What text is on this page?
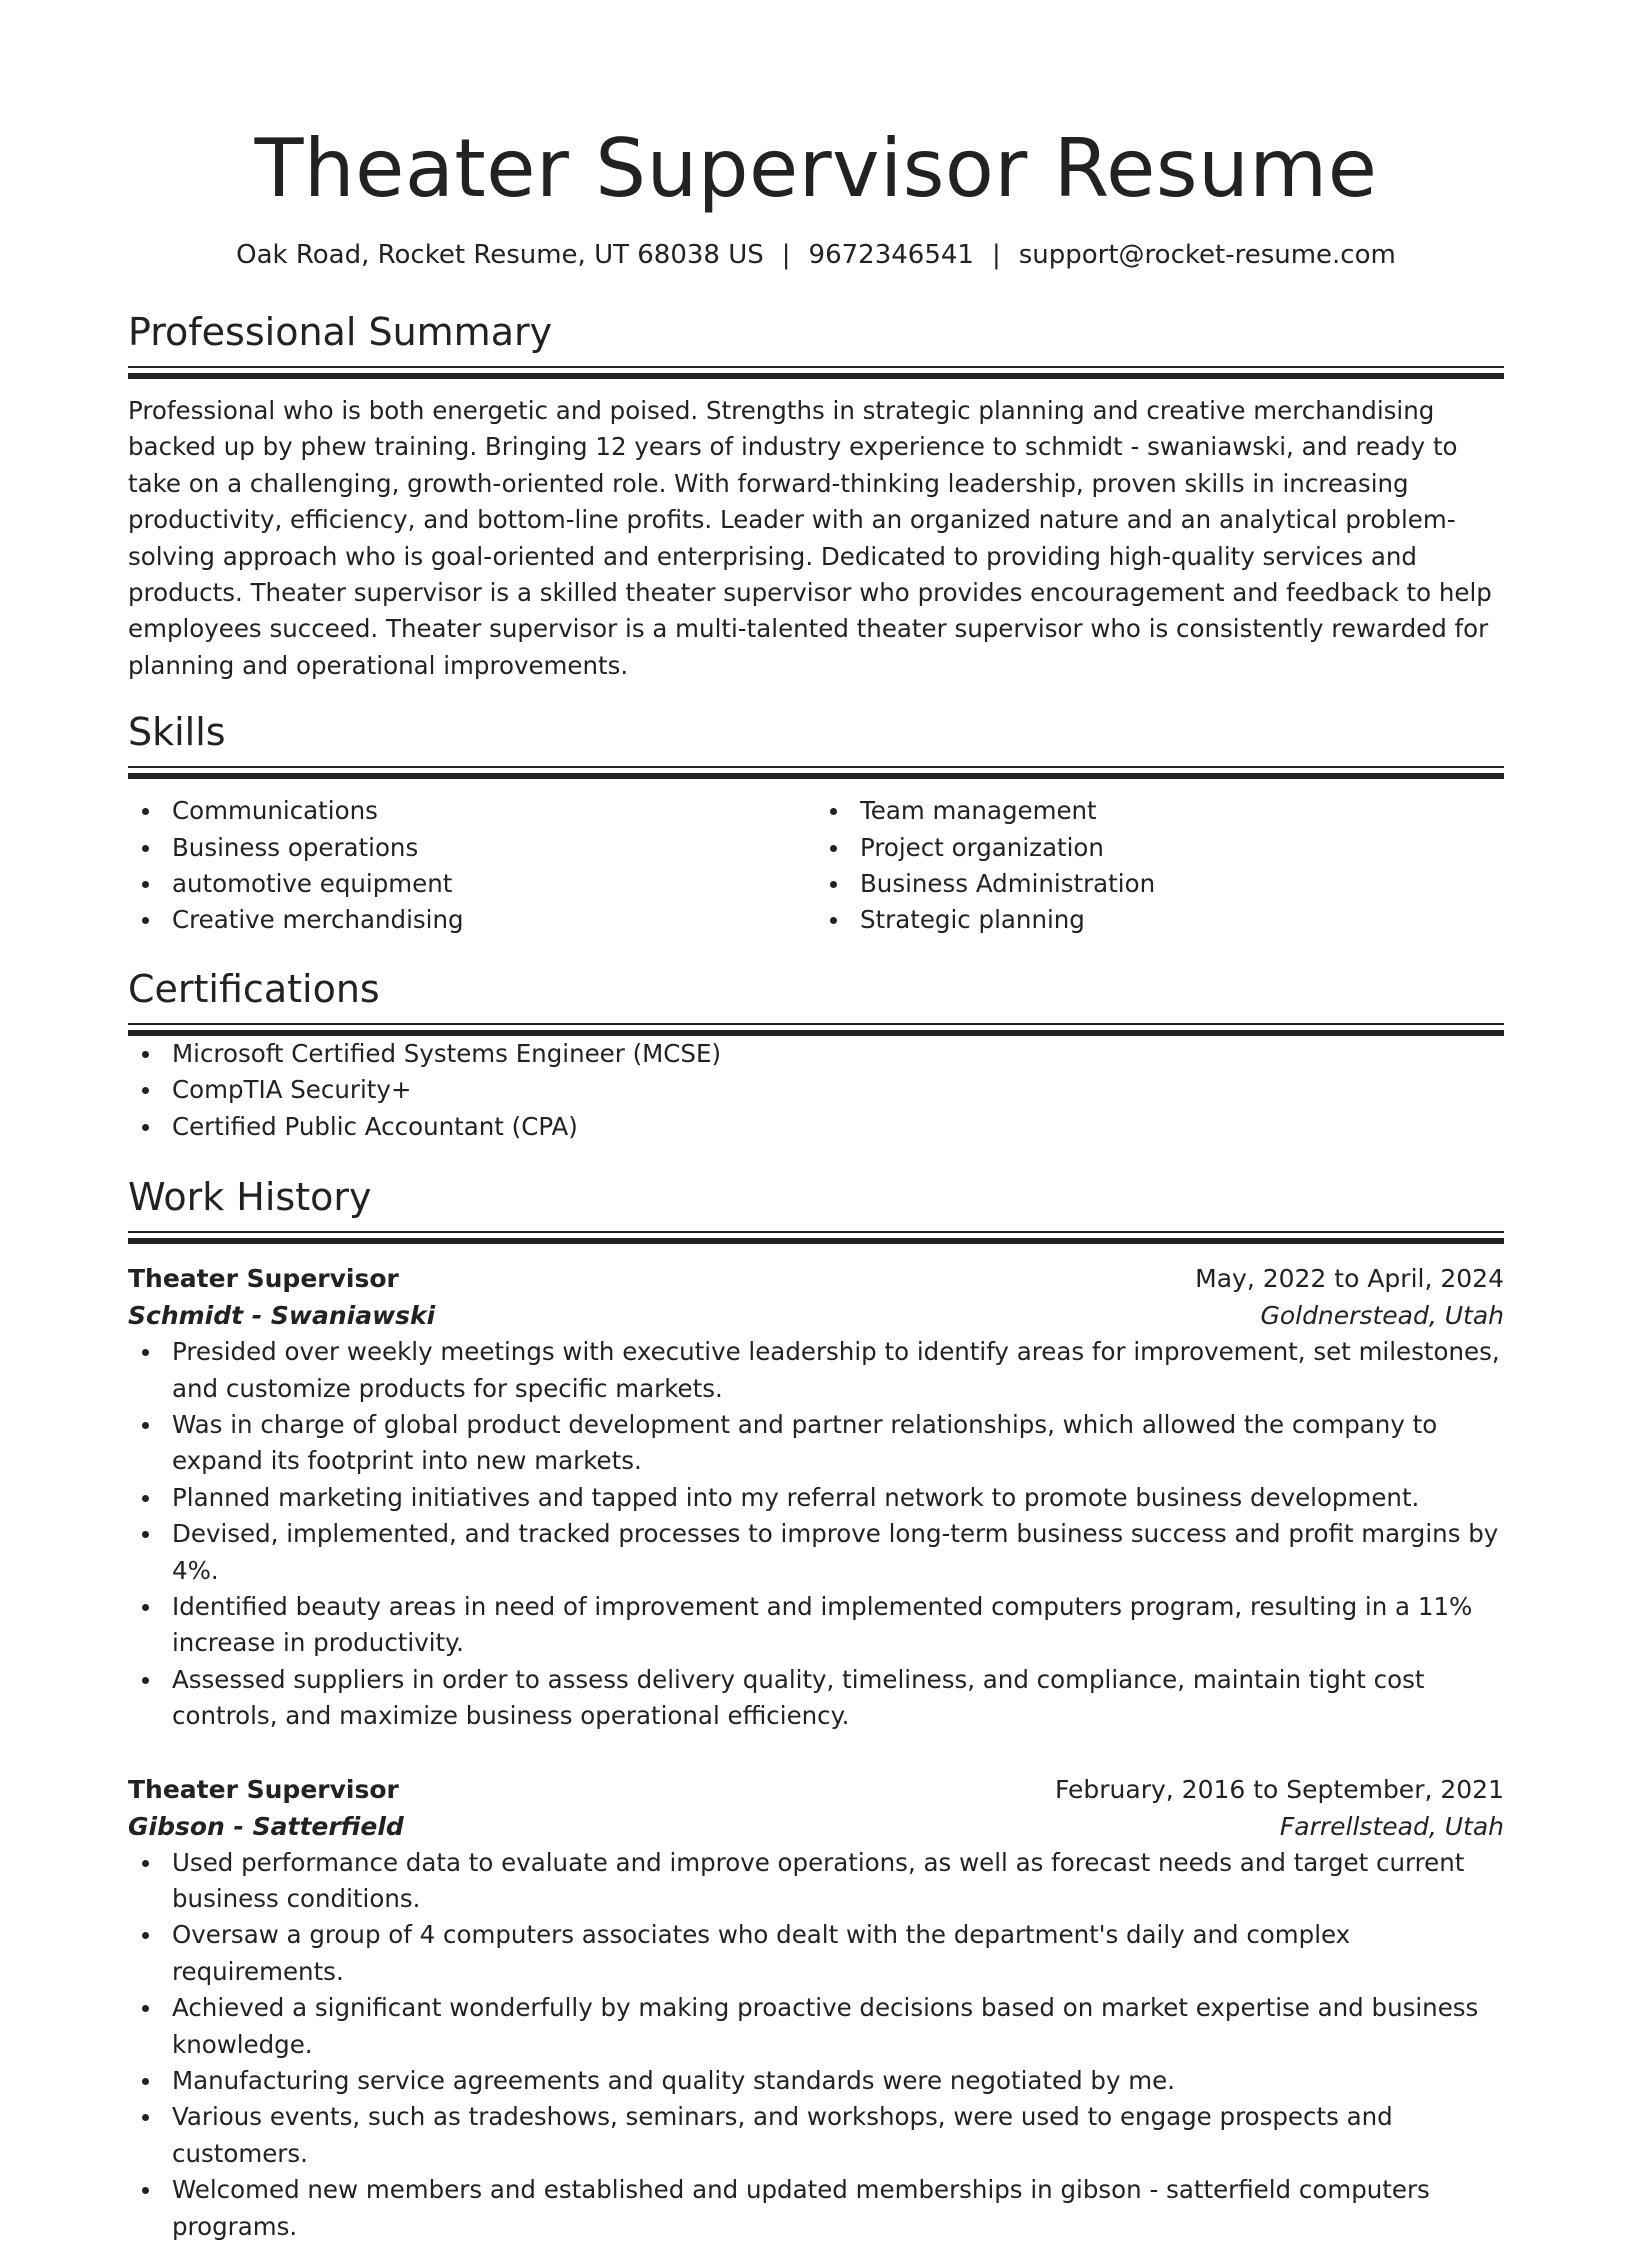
Theater Supervisor Resume
Oak Road, Rocket Resume, UT 68038 US | 9672346541 | support@rocket-resume.com
Professional Summary

Professional who is both energetic and poised. Strengths in strategic planning and creative merchandising backed up by phew training. Bringing 12 years of industry experience to schmidt - swaniawski, and ready to take on a challenging, growth-oriented role. With forward-thinking leadership, proven skills in increasing productivity, efficiency, and bottom-line profits. Leader with an organized nature and an analytical problem-solving approach who is goal-oriented and enterprising. Dedicated to providing high-quality services and products. Theater supervisor is a skilled theater supervisor who provides encouragement and feedback to help employees succeed. Theater supervisor is a multi-talented theater supervisor who is consistently rewarded for planning and operational improvements.

Skills
Communications
Business operations
automotive equipment
Creative merchandising
Team management
Project organization
Business Administration
Strategic planning
Certifications
Microsoft Certified Systems Engineer (MCSE)
CompTIA Security+
Certified Public Accountant (CPA)
Work History
Theater Supervisor	May, 2022 to April, 2024
Schmidt - Swaniawski	Goldnerstead, Utah
Presided over weekly meetings with executive leadership to identify areas for improvement, set milestones, and customize products for specific markets.
Was in charge of global product development and partner relationships, which allowed the company to expand its footprint into new markets.
Planned marketing initiatives and tapped into my referral network to promote business development.
Devised, implemented, and tracked processes to improve long-term business success and profit margins by 4%.
Identified beauty areas in need of improvement and implemented computers program, resulting in a 11% increase in productivity.
Assessed suppliers in order to assess delivery quality, timeliness, and compliance, maintain tight cost controls, and maximize business operational efficiency.
Theater Supervisor	February, 2016 to September, 2021
Gibson - Satterfield	Farrellstead, Utah
Used performance data to evaluate and improve operations, as well as forecast needs and target current business conditions.
Oversaw a group of 4 computers associates who dealt with the department's daily and complex requirements.
Achieved a significant wonderfully by making proactive decisions based on market expertise and business knowledge.
Manufacturing service agreements and quality standards were negotiated by me.
Various events, such as tradeshows, seminars, and workshops, were used to engage prospects and customers.
Welcomed new members and established and updated memberships in gibson - satterfield computers programs.
